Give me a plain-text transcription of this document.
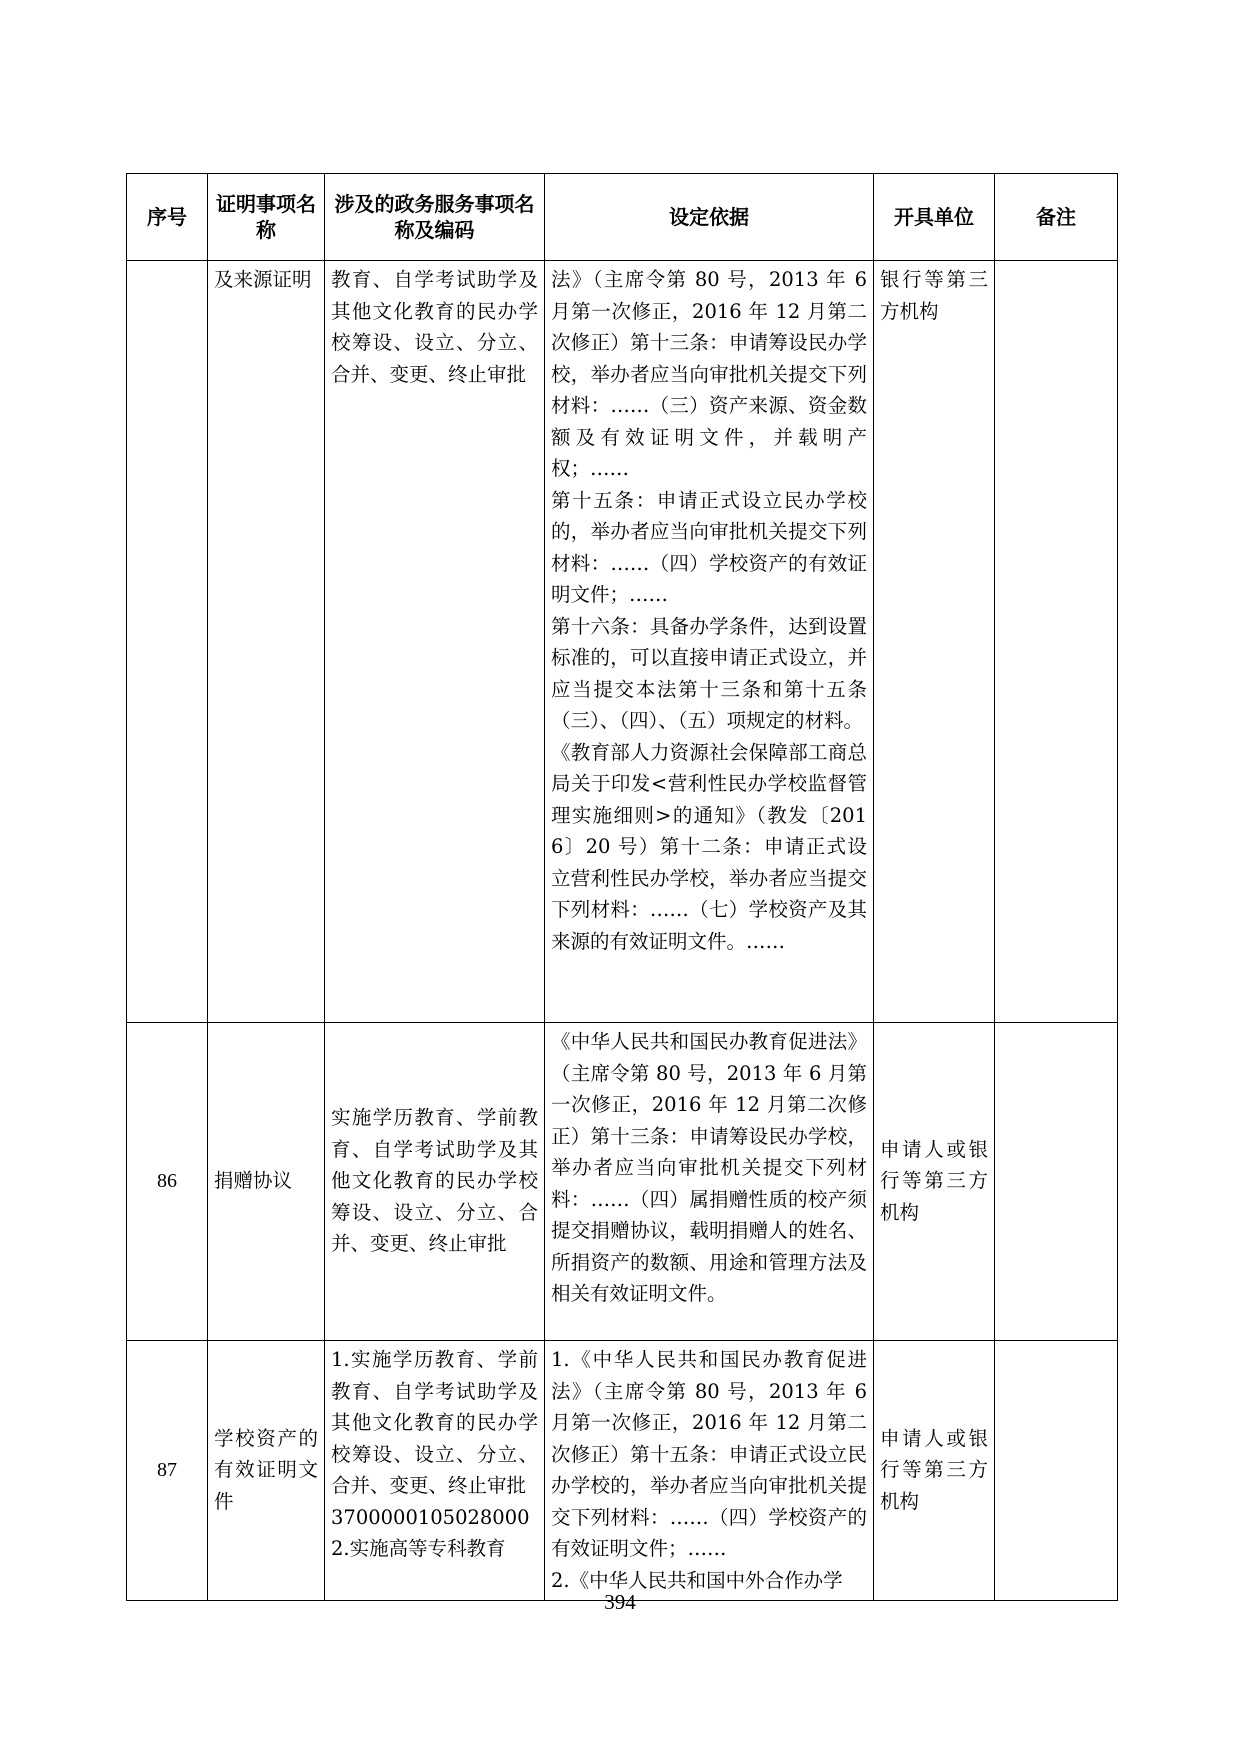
序号	证明事项名称	涉及的政务服务事项名称及编码	设定依据	开具单位	备注

	及来源证明	教育、自学考试助学及其他文化教育的民办学校筹设、设立、分立、合并、变更、终止审批	法》（主席令第 80 号，2013 年 6 月第一次修正，2016 年 12 月第二次修正）第十三条：申请筹设民办学校，举办者应当向审批机关提交下列材料：……（三）资产来源、资金数额及有效证明文件，并载明产权；……
第十五条：申请正式设立民办学校的，举办者应当向审批机关提交下列材料：……（四）学校资产的有效证明文件；……
第十六条：具备办学条件，达到设置标准的，可以直接申请正式设立，并应当提交本法第十三条和第十五条（三）、（四）、（五）项规定的材料。
《教育部人力资源社会保障部工商总局关于印发<营利性民办学校监督管理实施细则>的通知》（教发〔2016〕20 号）第十二条：申请正式设立营利性民办学校，举办者应当提交下列材料：……（七）学校资产及其来源的有效证明文件。……	银行等第三方机构	

86	捐赠协议	实施学历教育、学前教育、自学考试助学及其他文化教育的民办学校筹设、设立、分立、合并、变更、终止审批	《中华人民共和国民办教育促进法》（主席令第 80 号，2013 年 6 月第一次修正，2016 年 12 月第二次修正）第十三条：申请筹设民办学校，举办者应当向审批机关提交下列材料：……（四）属捐赠性质的校产须提交捐赠协议，载明捐赠人的姓名、所捐资产的数额、用途和管理方法及相关有效证明文件。	申请人或银行等第三方机构	

87	学校资产的有效证明文件	1.实施学历教育、学前教育、自学考试助学及其他文化教育的民办学校筹设、设立、分立、合并、变更、终止审批
3700000105028000
2.实施高等专科教育	1.《中华人民共和国民办教育促进法》（主席令第 80 号，2013 年 6 月第一次修正，2016 年 12 月第二次修正）第十五条：申请正式设立民办学校的，举办者应当向审批机关提交下列材料：……（四）学校资产的有效证明文件；……
2.《中华人民共和国中外合作办学	申请人或银行等第三方机构	

394
